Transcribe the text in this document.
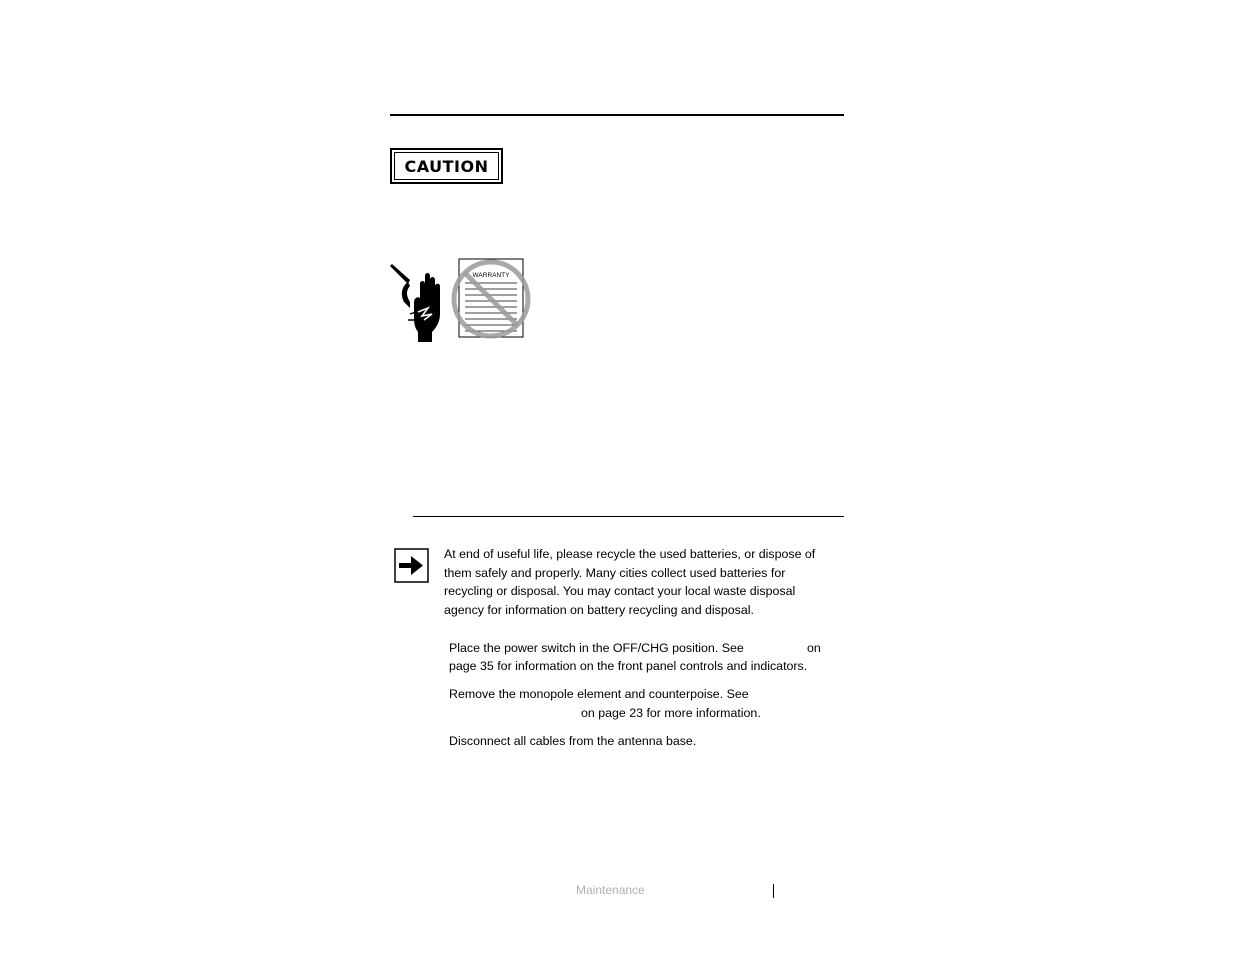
CAUTION
WARRANTY
At end of useful life, please recycle the used batteries, or dispose of them safely and properly. Many cities collect used batteries for recycling or disposal. You may contact your local waste disposal agency for information on battery recycling and disposal.
Place the power switch in the OFF/CHG position. See	on
page 35 for information on the front panel controls and indicators.
Remove the monopole element and counterpoise. See
on page 23 for more information.
Disconnect all cables from the antenna base.
Maintenance
